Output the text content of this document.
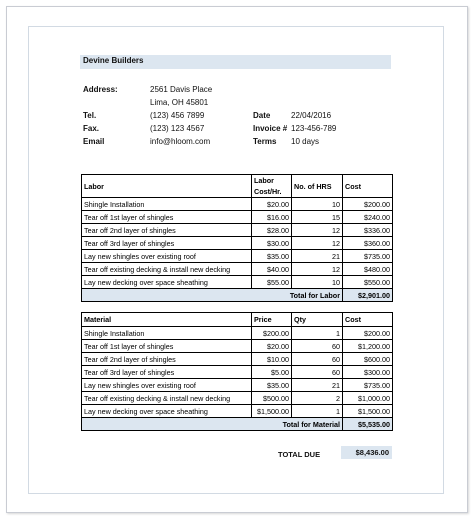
Devine Builders
Address:	2561 Davis Place
Lima, OH 45801
Tel.	(123) 456 7899
Fax.	(123) 123 4567
Email	info@hloom.com
Date	22/04/2016
Invoice # 123-456-789
Terms 10 days
Labor	Labor Cost/Hr.	No. of HRS	Cost
Shingle Installation	$20.00	10	$200.00
Tear off 1st layer of shingles	$16.00	15	$240.00
Tear off 2nd layer of shingles	$28.00	12	$336.00
Tear off 3rd layer of shingles	$30.00	12	$360.00
Lay new shingles over existing roof	$35.00	21	$735.00
Tear off existing decking & install new decking	$40.00	12	$480.00
Lay new decking over space sheathing	$55.00	10	$550.00
	Total for Labor		$2,901.00
Material	Price	Qty	Cost
Shingle Installation	$200.00	1	$200.00
Tear off 1st layer of shingles	$20.00	60	$1,200.00
Tear off 2nd layer of shingles	$10.00	60	$600.00
Tear off 3rd layer of shingles	$5.00	60	$300.00
Lay new shingles over existing roof	$35.00	21	$735.00
Tear off existing decking & install new decking	$500.00	2	$1,000.00
Lay new decking over space sheathing	$1,500.00	1	$1,500.00
	Total for Material		$5,535.00
TOTAL DUE	$8,436.00
